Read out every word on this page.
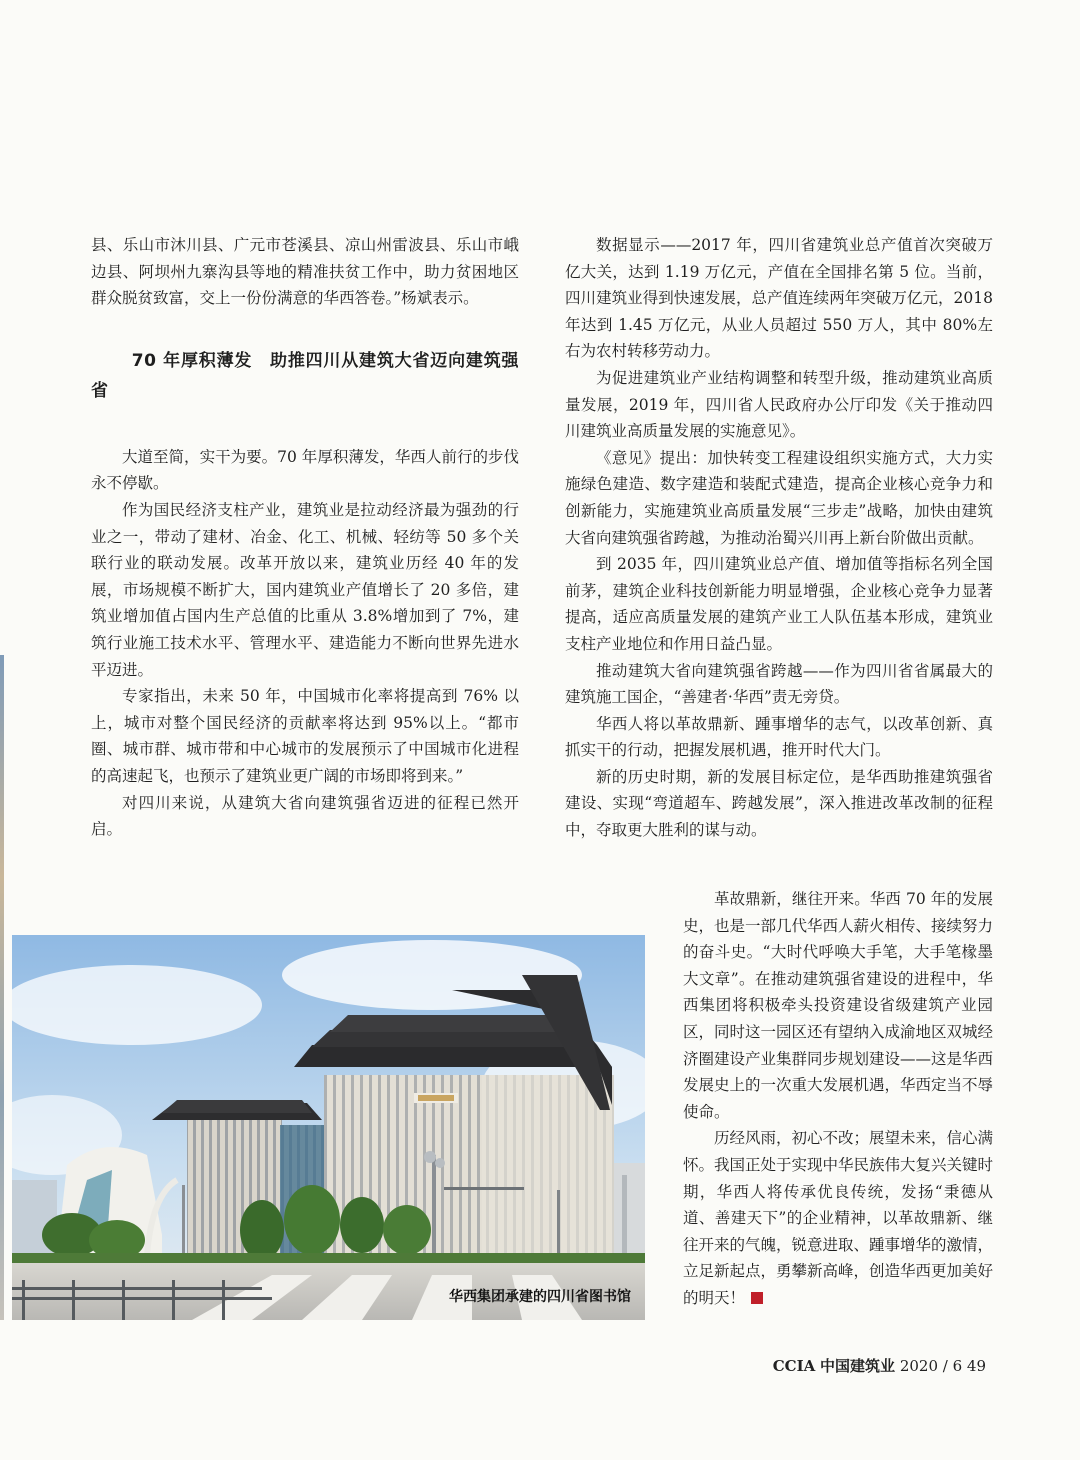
县、乐山市沐川县、广元市苍溪县、凉山州雷波县、乐山市峨边县、阿坝州九寨沟县等地的精准扶贫工作中，助力贫困地区群众脱贫致富，交上一份份满意的华西答卷。”杨斌表示。

70 年厚积薄发　助推四川从建筑大省迈向建筑强省

大道至简，实干为要。70 年厚积薄发，华西人前行的步伐永不停歇。

作为国民经济支柱产业，建筑业是拉动经济最为强劲的行业之一，带动了建材、冶金、化工、机械、轻纺等 50 多个关联行业的联动发展。改革开放以来，建筑业历经 40 年的发展，市场规模不断扩大，国内建筑业产值增长了 20 多倍，建筑业增加值占国内生产总值的比重从 3.8%增加到了 7%，建筑行业施工技术水平、管理水平、建造能力不断向世界先进水平迈进。

专家指出，未来 50 年，中国城市化率将提高到 76% 以上，城市对整个国民经济的贡献率将达到 95%以上。“都市圈、城市群、城市带和中心城市的发展预示了中国城市化进程的高速起飞，也预示了建筑业更广阔的市场即将到来。”

对四川来说，从建筑大省向建筑强省迈进的征程已然开启。

数据显示——2017 年，四川省建筑业总产值首次突破万亿大关，达到 1.19 万亿元，产值在全国排名第 5 位。当前，四川建筑业得到快速发展，总产值连续两年突破万亿元，2018 年达到 1.45 万亿元，从业人员超过 550 万人，其中 80%左右为农村转移劳动力。

为促进建筑业产业结构调整和转型升级，推动建筑业高质量发展，2019 年，四川省人民政府办公厅印发《关于推动四川建筑业高质量发展的实施意见》。

《意见》提出：加快转变工程建设组织实施方式，大力实施绿色建造、数字建造和装配式建造，提高企业核心竞争力和创新能力，实施建筑业高质量发展“三步走”战略，加快由建筑大省向建筑强省跨越，为推动治蜀兴川再上新台阶做出贡献。

到 2035 年，四川建筑业总产值、增加值等指标名列全国前茅，建筑企业科技创新能力明显增强，企业核心竞争力显著提高，适应高质量发展的建筑产业工人队伍基本形成，建筑业支柱产业地位和作用日益凸显。

推动建筑大省向建筑强省跨越——作为四川省省属最大的建筑施工国企，“善建者·华西”责无旁贷。

华西人将以革故鼎新、踵事增华的志气，以改革创新、真抓实干的行动，把握发展机遇，推开时代大门。

新的历史时期，新的发展目标定位，是华西助推建筑强省建设、实现“弯道超车、跨越发展”，深入推进改革改制的征程中，夺取更大胜利的谋与动。

革故鼎新，继往开来。华西 70 年的发展史，也是一部几代华西人薪火相传、接续努力的奋斗史。“大时代呼唤大手笔，大手笔椽墨大文章”。在推动建筑强省建设的进程中，华西集团将积极牵头投资建设省级建筑产业园区，同时这一园区还有望纳入成渝地区双城经济圈建设产业集群同步规划建设——这是华西发展史上的一次重大发展机遇，华西定当不辱使命。

历经风雨，初心不改；展望未来，信心满怀。我国正处于实现中华民族伟大复兴关键时期，华西人将传承优良传统，发扬“秉德从道、善建天下”的企业精神，以革故鼎新、继往开来的气魄，锐意进取、踵事增华的激情，立足新起点，勇攀新高峰，创造华西更加美好的明天！

华西集团承建的四川省图书馆
CCIA 中国建筑业 2020 / 6 49
